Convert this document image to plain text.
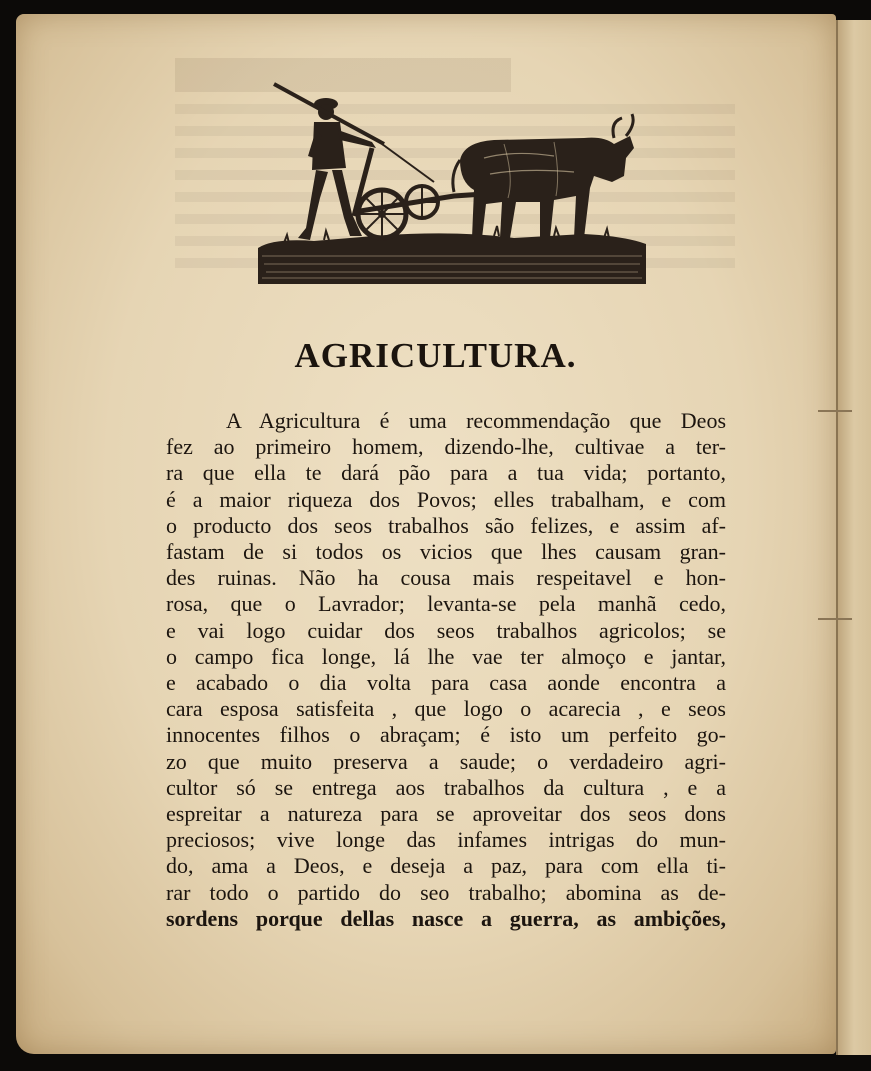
AGRICULTURA.
A Agricultura é uma recommendação que Deos
fez ao primeiro homem, dizendo-lhe, cultivae a ter-
ra que ella te dará pão para a tua vida; portanto,
é a maior riqueza dos Povos; elles trabalham, e com
o producto dos seos trabalhos são felizes, e assim af-
fastam de si todos os vicios que lhes causam gran-
des ruinas. Não ha cousa mais respeitavel e hon-
rosa, que o Lavrador; levanta-se pela manhã cedo,
e vai logo cuidar dos seos trabalhos agricolos; se
o campo fica longe, lá lhe vae ter almoço e jantar,
e acabado o dia volta para casa aonde encontra a
cara esposa satisfeita , que logo o acarecia , e seos
innocentes filhos o abraçam; é isto um perfeito go-
zo que muito preserva a saude; o verdadeiro agri-
cultor só se entrega aos trabalhos da cultura , e a
espreitar a natureza para se aproveitar dos seos dons
preciosos; vive longe das infames intrigas do mun-
do, ama a Deos, e deseja a paz, para com ella ti-
rar todo o partido do seo trabalho; abomina as de-
sordens porque dellas nasce a guerra, as ambições,
